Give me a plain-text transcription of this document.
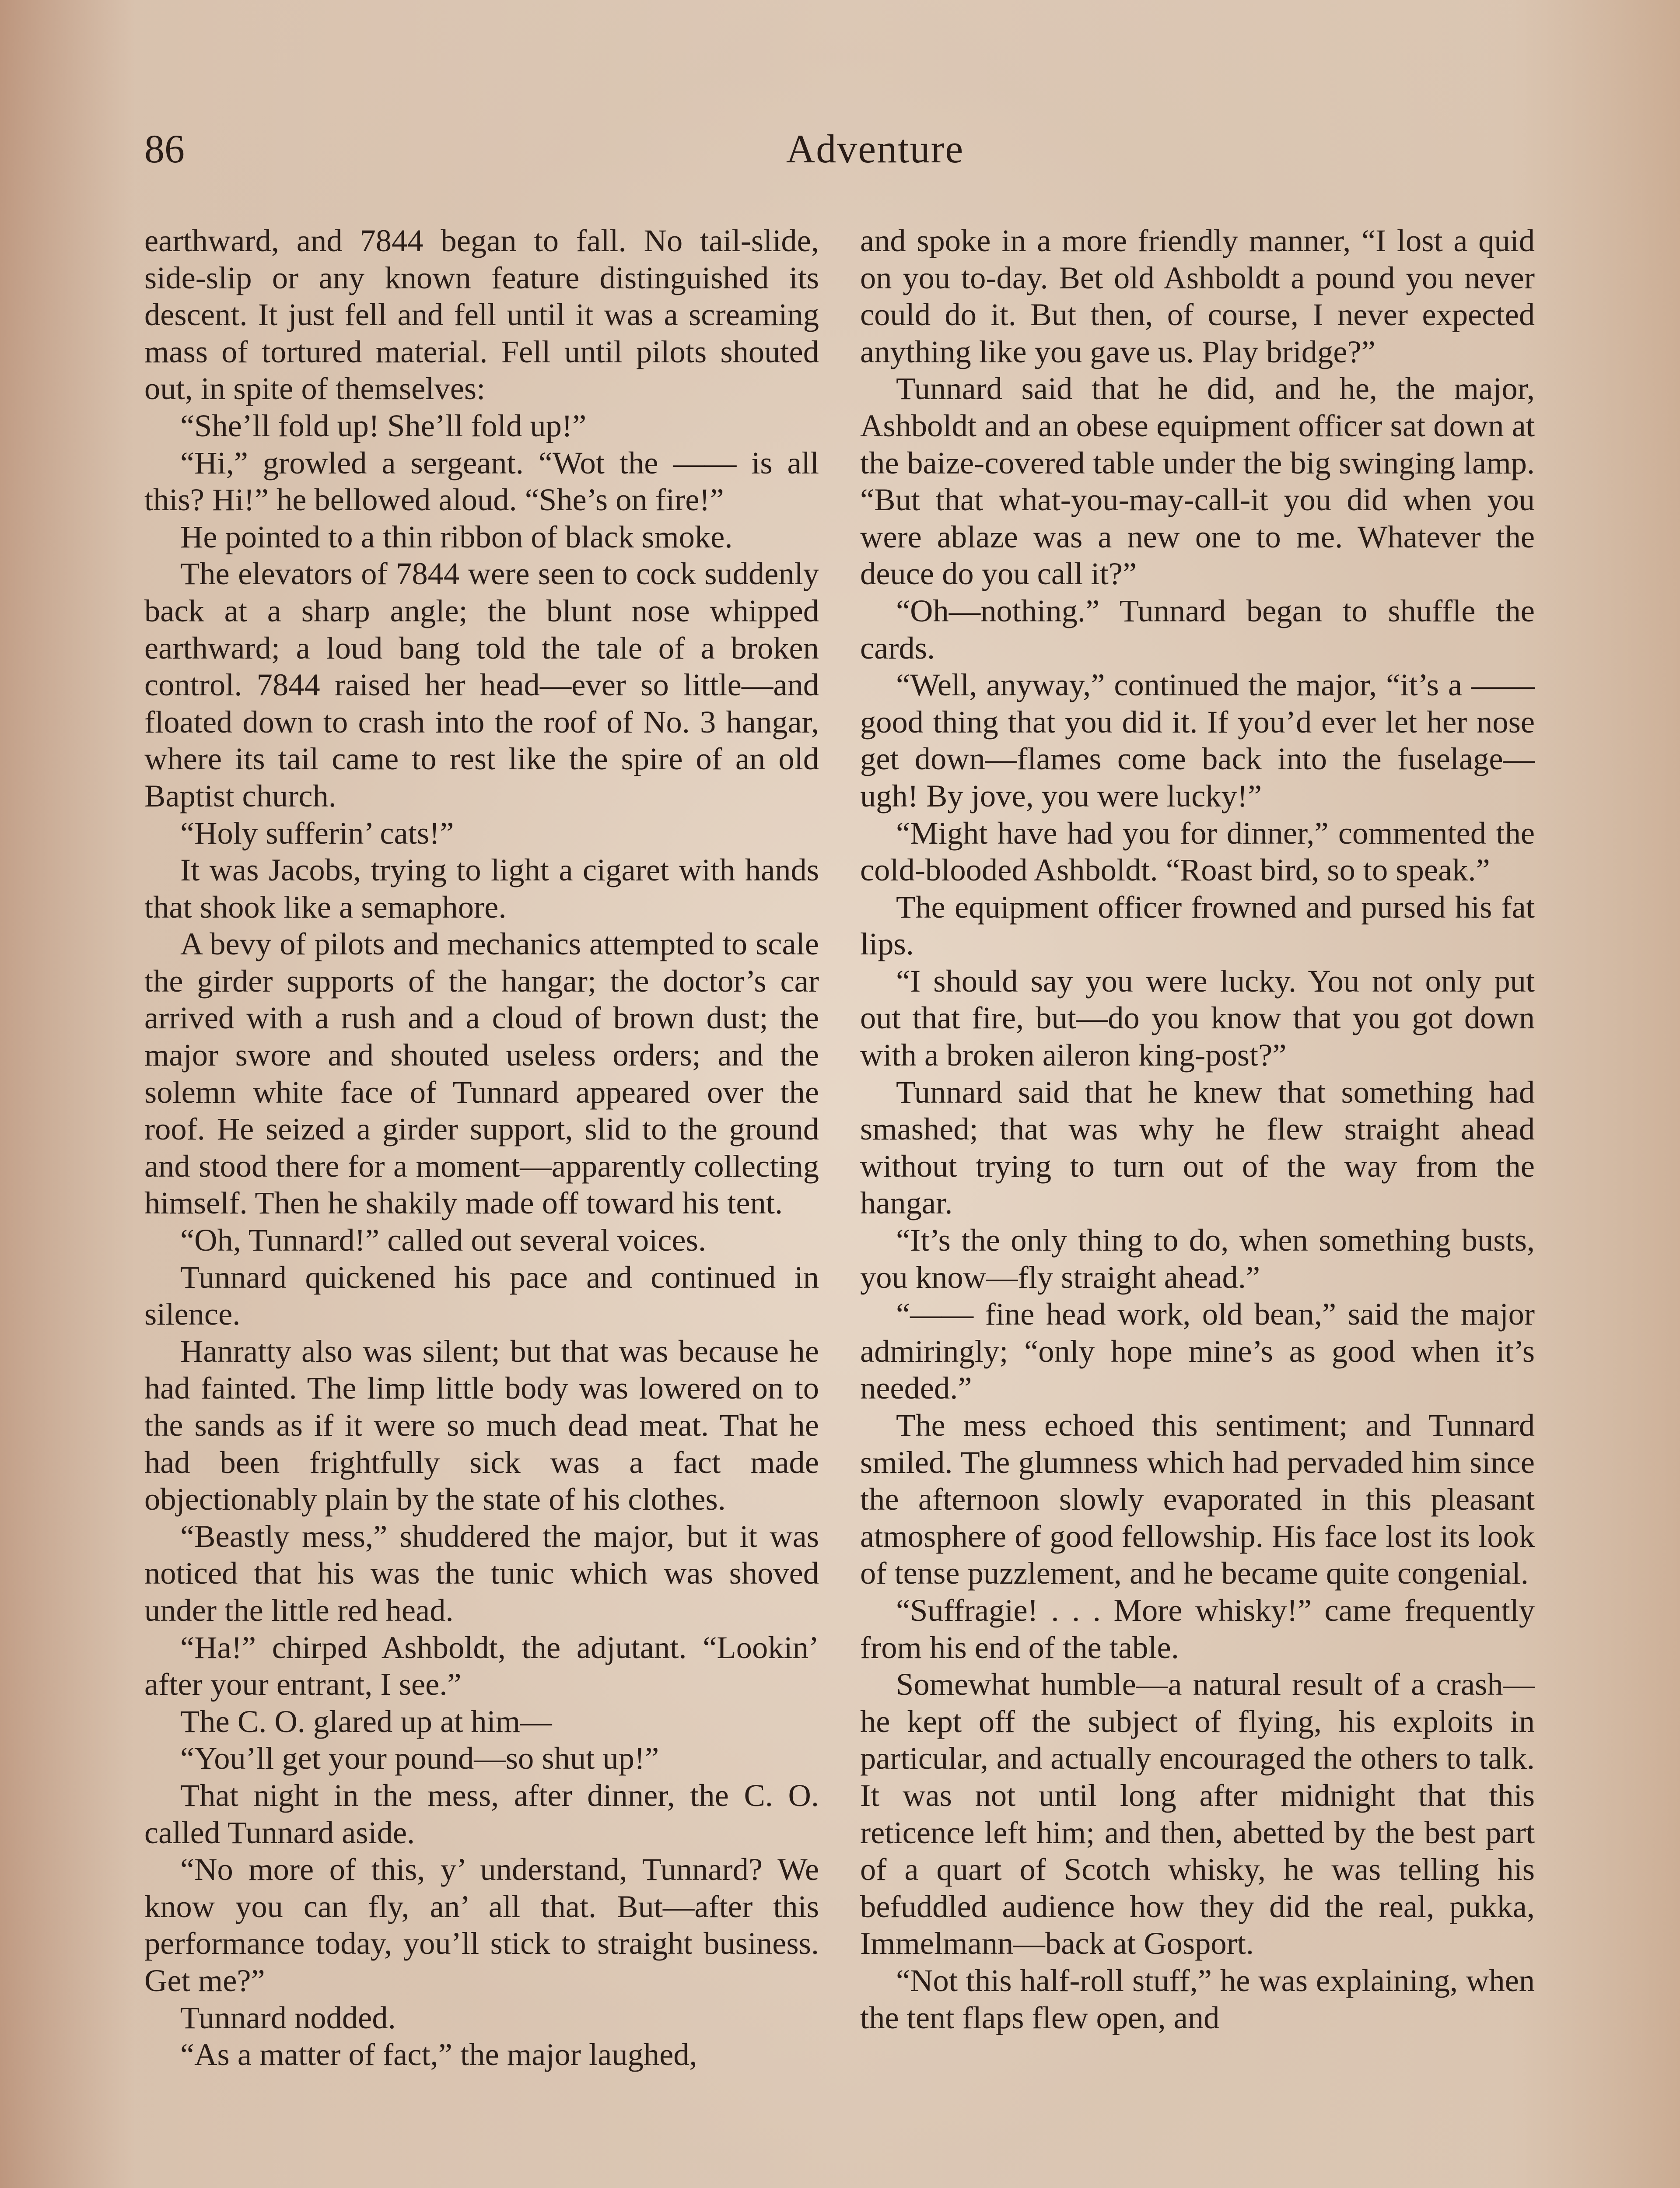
86	Adventure

earthward, and 7844 began to fall. No tail-slide, side-slip or any known feature distinguished its descent. It just fell and fell until it was a screaming mass of tortured material. Fell until pilots shouted out, in spite of themselves:

“She’ll fold up! She’ll fold up!”

“Hi,” growled a sergeant. “Wot the —— is all this? Hi!” he bellowed aloud. “She’s on fire!”

He pointed to a thin ribbon of black smoke.

The elevators of 7844 were seen to cock suddenly back at a sharp angle; the blunt nose whipped earthward; a loud bang told the tale of a broken control. 7844 raised her head—ever so little—and floated down to crash into the roof of No. 3 hangar, where its tail came to rest like the spire of an old Baptist church.

“Holy sufferin’ cats!”

It was Jacobs, trying to light a cigaret with hands that shook like a semaphore.

A bevy of pilots and mechanics attempted to scale the girder supports of the hangar; the doctor’s car arrived with a rush and a cloud of brown dust; the major swore and shouted useless orders; and the solemn white face of Tunnard appeared over the roof. He seized a girder support, slid to the ground and stood there for a moment—apparently collecting himself. Then he shakily made off toward his tent.

“Oh, Tunnard!” called out several voices.

Tunnard quickened his pace and continued in silence.

Hanratty also was silent; but that was because he had fainted. The limp little body was lowered on to the sands as if it were so much dead meat. That he had been frightfully sick was a fact made objectionably plain by the state of his clothes.

“Beastly mess,” shuddered the major, but it was noticed that his was the tunic which was shoved under the little red head.

“Ha!” chirped Ashboldt, the adjutant. “Lookin’ after your entrant, I see.”

The C. O. glared up at him—

“You’ll get your pound—so shut up!”

That night in the mess, after dinner, the C. O. called Tunnard aside.

“No more of this, y’ understand, Tunnard? We know you can fly, an’ all that. But—after this performance today, you’ll stick to straight business. Get me?”

Tunnard nodded.

“As a matter of fact,” the major laughed,

and spoke in a more friendly manner, “I lost a quid on you to-day. Bet old Ashboldt a pound you never could do it. But then, of course, I never expected anything like you gave us. Play bridge?”

Tunnard said that he did, and he, the major, Ashboldt and an obese equipment officer sat down at the baize-covered table under the big swinging lamp. “But that what-you-may-call-it you did when you were ablaze was a new one to me. Whatever the deuce do you call it?”

“Oh—nothing.” Tunnard began to shuffle the cards.

“Well, anyway,” continued the major, “it’s a —— good thing that you did it. If you’d ever let her nose get down—flames come back into the fuselage—ugh! By jove, you were lucky!”

“Might have had you for dinner,” commented the cold-blooded Ashboldt. “Roast bird, so to speak.”

The equipment officer frowned and pursed his fat lips.

“I should say you were lucky. You not only put out that fire, but—do you know that you got down with a broken aileron king-post?”

Tunnard said that he knew that something had smashed; that was why he flew straight ahead without trying to turn out of the way from the hangar.

“It’s the only thing to do, when something busts, you know—fly straight ahead.”

“—— fine head work, old bean,” said the major admiringly; “only hope mine’s as good when it’s needed.”

The mess echoed this sentiment; and Tunnard smiled. The glumness which had pervaded him since the afternoon slowly evaporated in this pleasant atmosphere of good fellowship. His face lost its look of tense puzzlement, and he became quite congenial.

“Suffragie! . . . More whisky!” came frequently from his end of the table.

Somewhat humble—a natural result of a crash—he kept off the subject of flying, his exploits in particular, and actually encouraged the others to talk. It was not until long after midnight that this reticence left him; and then, abetted by the best part of a quart of Scotch whisky, he was telling his befuddled audience how they did the real, pukka, Immelmann—back at Gosport.

“Not this half-roll stuff,” he was explaining, when the tent flaps flew open, and
